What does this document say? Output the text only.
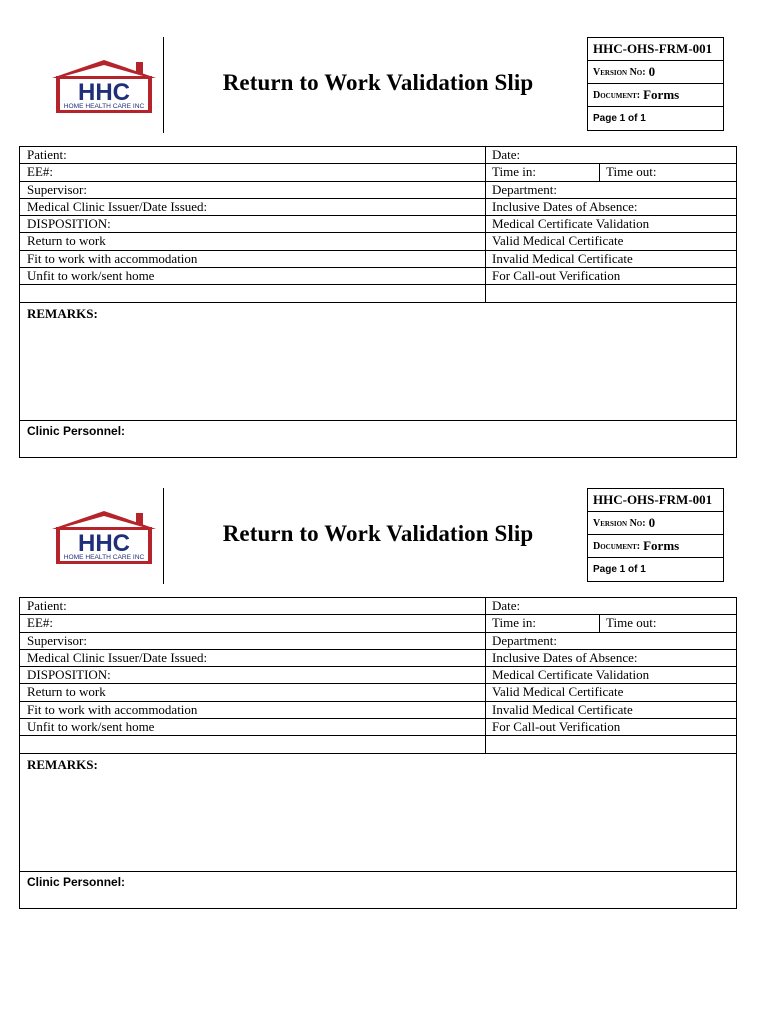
HHC
HOME HEALTH CARE INC
Return to Work Validation Slip
HHC-OHS-FRM-001
Version No: 0
Document: Forms
Page 1 of 1
Patient:	Date:
EE#:	Time in:	Time out:
Supervisor:	Department:
Medical Clinic Issuer/Date Issued:	Inclusive Dates of Absence:
DISPOSITION:	Medical Certificate Validation
Return to work	Valid Medical Certificate
Fit to work with accommodation	Invalid Medical Certificate
Unfit to work/sent home	For Call-out Verification
REMARKS:
Clinic Personnel:
HHC
HOME HEALTH CARE INC
Return to Work Validation Slip
HHC-OHS-FRM-001
Version No: 0
Document: Forms
Page 1 of 1
Patient:	Date:
EE#:	Time in:	Time out:
Supervisor:	Department:
Medical Clinic Issuer/Date Issued:	Inclusive Dates of Absence:
DISPOSITION:	Medical Certificate Validation
Return to work	Valid Medical Certificate
Fit to work with accommodation	Invalid Medical Certificate
Unfit to work/sent home	For Call-out Verification
REMARKS:
Clinic Personnel:
